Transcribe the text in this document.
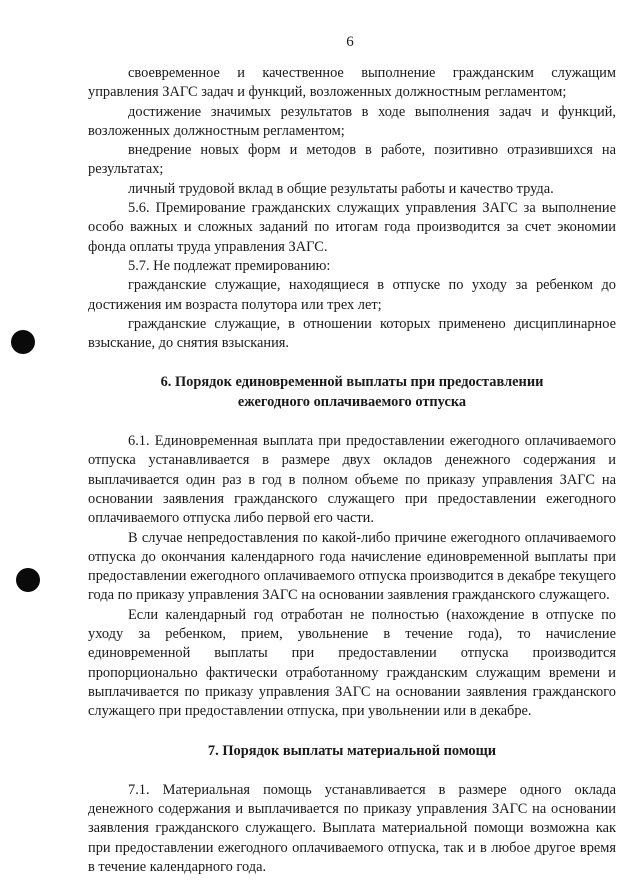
6

своевременное и качественное выполнение гражданским служащим управления ЗАГС задач и функций, возложенных должностным регламентом;

достижение значимых результатов в ходе выполнения задач и функций, возложенных должностным регламентом;

внедрение новых форм и методов в работе, позитивно отразившихся на результатах;

личный трудовой вклад в общие результаты работы и качество труда.

5.6. Премирование гражданских служащих управления ЗАГС за выполнение особо важных и сложных заданий по итогам года производится за счет экономии фонда оплаты труда управления ЗАГС.

5.7. Не подлежат премированию:

гражданские служащие, находящиеся в отпуске по уходу за ребенком до достижения им возраста полутора или трех лет;

гражданские служащие, в отношении которых применено дисциплинарное взыскание, до снятия взыскания.

6. Порядок единовременной выплаты при предоставлении
ежегодного оплачиваемого отпуска

6.1. Единовременная выплата при предоставлении ежегодного оплачиваемого отпуска устанавливается в размере двух окладов денежного содержания и выплачивается один раз в год в полном объеме по приказу управления ЗАГС на основании заявления гражданского служащего при предоставлении ежегодного оплачиваемого отпуска либо первой его части.

В случае непредоставления по какой-либо причине ежегодного оплачиваемого отпуска до окончания календарного года начисление единовременной выплаты при предоставлении ежегодного оплачиваемого отпуска производится в декабре текущего года по приказу управления ЗАГС на основании заявления гражданского служащего.

Если календарный год отработан не полностью (нахождение в отпуске по уходу за ребенком, прием, увольнение в течение года), то начисление единовременной выплаты при предоставлении отпуска производится пропорционально фактически отработанному гражданским служащим времени и выплачивается по приказу управления ЗАГС на основании заявления гражданского служащего при предоставлении отпуска, при увольнении или в декабре.

7. Порядок выплаты материальной помощи

7.1. Материальная помощь устанавливается в размере одного оклада денежного содержания и выплачивается по приказу управления ЗАГС на основании заявления гражданского служащего. Выплата материальной помощи возможна как при предоставлении ежегодного оплачиваемого отпуска, так и в любое другое время в течение календарного года.
